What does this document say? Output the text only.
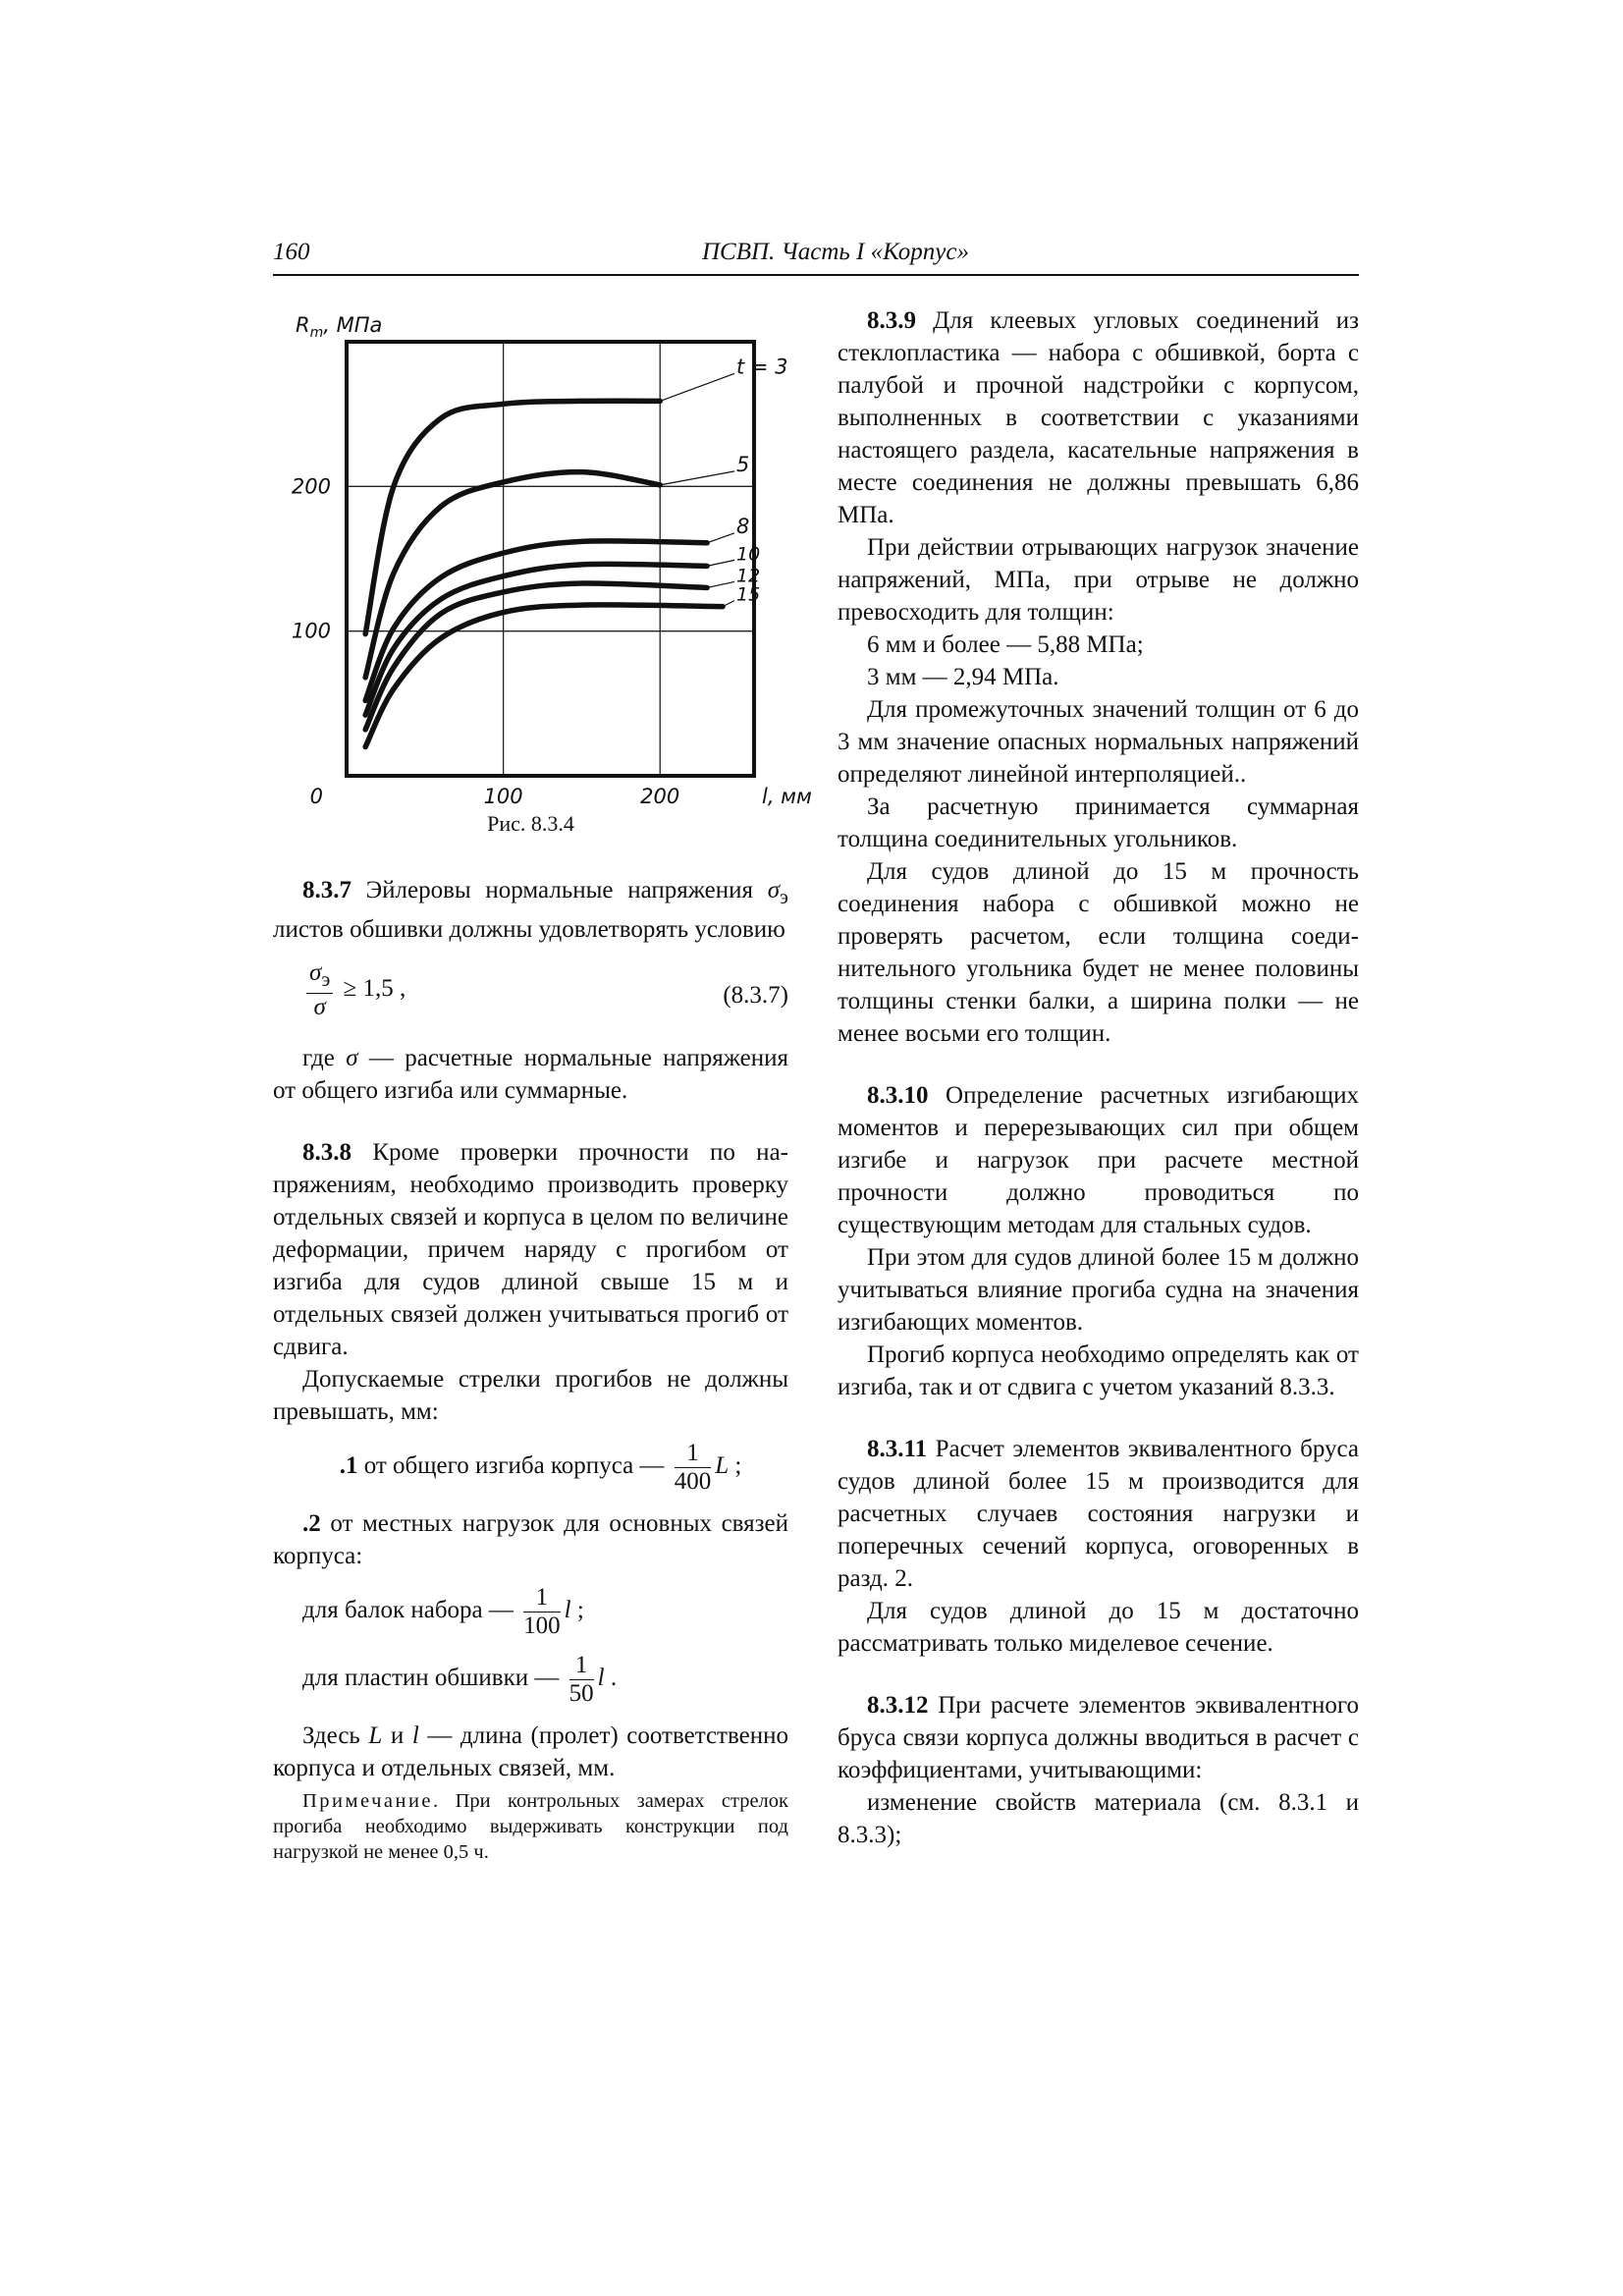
160	ПСВП. Часть I «Корпус»
100	200
100
200
0
$R_m$, МПа
l, мм
t = 3
5
8
10
12
15
Рис. 8.3.4

8.3.7 Эйлеровы нормальные напряжения $\sigma_э$ листов обшивки должны удовлетворять условию

$\frac{\sigma_э}{\sigma} \ge 1,5$ ,	(8.3.7)

где σ — расчетные нормальные напряжения от общего изгиба или суммарные.

8.3.8 Кроме проверки прочности по напряжениям, необходимо производить проверку отдельных связей и корпуса в целом по величине деформации, причем наряду с прогибом от изгиба для судов длиной свыше 15 м и отдельных связей должен учитываться прогиб от сдвига.

Допускаемые стрелки прогибов не должны превышать, мм:

.1 от общего изгиба корпуса — $\frac{1}{400}$ L ;

.2 от местных нагрузок для основных связей корпуса:

для балок набора — $\frac{1}{100}$ l ;
для пластин обшивки — $\frac{1}{50}$ l .

Здесь L и l — длина (пролет) соответственно корпуса и отдельных связей, мм.

Примечание. При контрольных замерах стрелок прогиба необходимо выдерживать конструкции под нагрузкой не менее 0,5 ч.

8.3.9 Для клеевых угловых соединений из стеклопластика — набора с обшивкой, борта с палубой и прочной надстройки с корпусом, выполненных в соответствии с указаниями настоящего раздела, касательные напряжения в месте соединения не должны превышать 6,86 МПа.

При действии отрывающих нагрузок значение напряжений, МПа, при отрыве не должно превосходить для толщин:

6 мм и более — 5,88 МПа;

3 мм — 2,94 МПа.

Для промежуточных значений толщин от 6 до 3 мм значение опасных нормальных напряжений определяют линейной интерполяцией..

За расчетную принимается суммарная толщина соединительных угольников.

Для судов длиной до 15 м прочность соединения набора с обшивкой можно не проверять расчетом, если толщина соединительного угольника будет не менее половины толщины стенки балки, а ширина полки — не менее восьми его толщин.

8.3.10 Определение расчетных изгибающих моментов и перерезывающих сил при общем изгибе и нагрузок при расчете местной прочности должно проводиться по существующим методам для стальных судов.

При этом для судов длиной более 15 м должно учитываться влияние прогиба судна на значения изгибающих моментов.

Прогиб корпуса необходимо определять как от изгиба, так и от сдвига с учетом указаний 8.3.3.

8.3.11 Расчет элементов эквивалентного бруса судов длиной более 15 м производится для расчетных случаев состояния нагрузки и поперечных сечений корпуса, оговоренных в разд. 2.

Для судов длиной до 15 м достаточно рассматривать только миделевое сечение.

8.3.12 При расчете элементов эквивалентного бруса связи корпуса должны вводиться в расчет с коэффициентами, учитывающими:

изменение свойств материала (см. 8.3.1 и 8.3.3);
